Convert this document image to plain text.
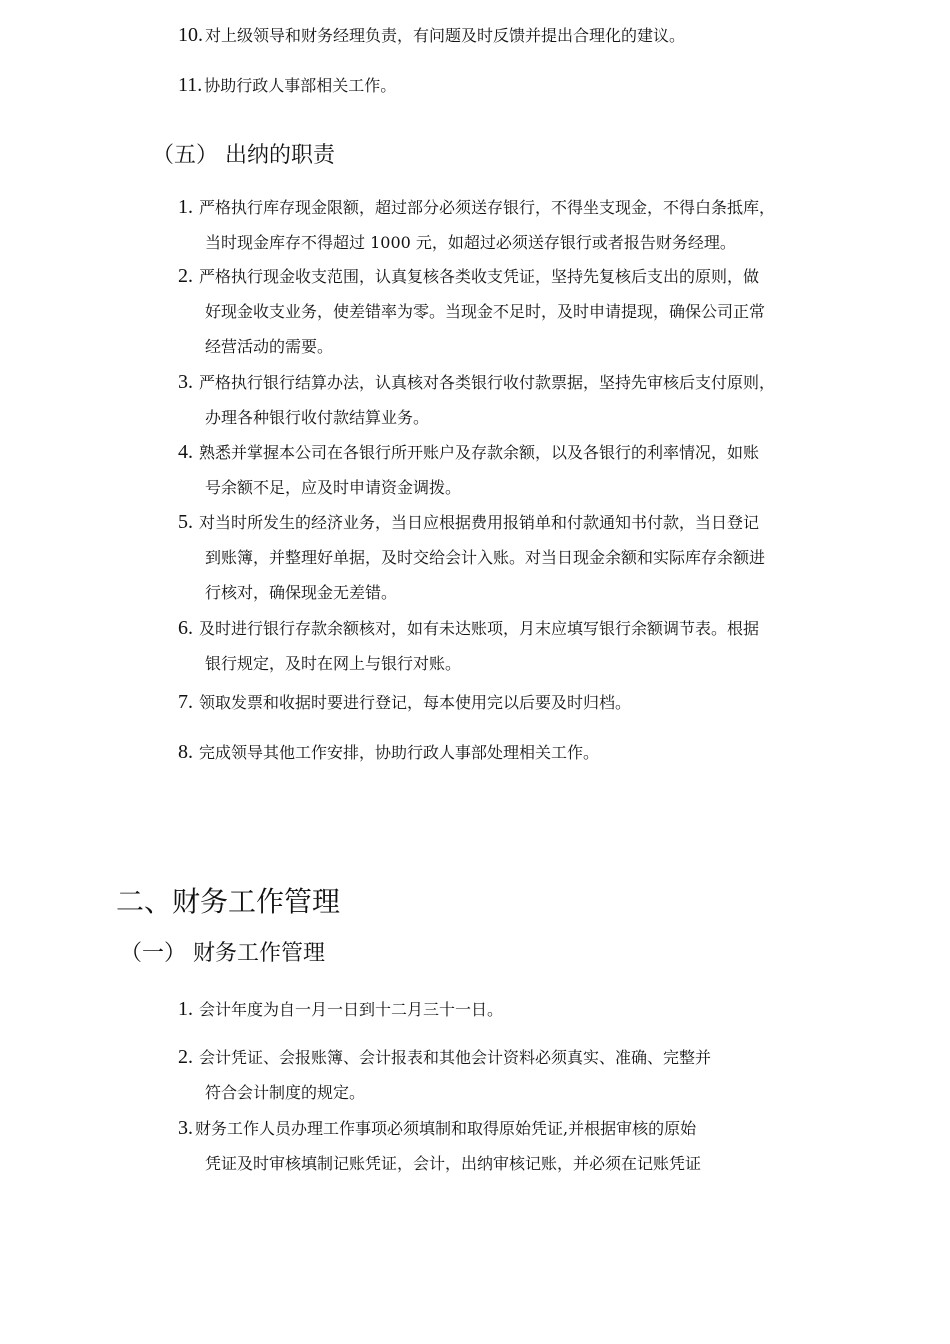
10. 对上级领导和财务经理负责，有问题及时反馈并提出合理化的建议。
11. 协助行政人事部相关工作。
（五） 出纳的职责
1. 严格执行库存现金限额，超过部分必须送存银行，不得坐支现金，不得白条抵库，
当时现金库存不得超过 1000 元，如超过必须送存银行或者报告财务经理。
2. 严格执行现金收支范围，认真复核各类收支凭证，坚持先复核后支出的原则，做
好现金收支业务，使差错率为零。当现金不足时，及时申请提现，确保公司正常
经营活动的需要。
3. 严格执行银行结算办法，认真核对各类银行收付款票据，坚持先审核后支付原则，
办理各种银行收付款结算业务。
4. 熟悉并掌握本公司在各银行所开账户及存款余额，以及各银行的利率情况，如账
号余额不足，应及时申请资金调拨。
5. 对当时所发生的经济业务，当日应根据费用报销单和付款通知书付款，当日登记
到账簿，并整理好单据，及时交给会计入账。对当日现金余额和实际库存余额进
行核对，确保现金无差错。
6. 及时进行银行存款余额核对，如有未达账项，月末应填写银行余额调节表。根据
银行规定，及时在网上与银行对账。
7. 领取发票和收据时要进行登记，每本使用完以后要及时归档。
8. 完成领导其他工作安排，协助行政人事部处理相关工作。
二、财务工作管理
（一） 财务工作管理
1. 会计年度为自一月一日到十二月三十一日。
2. 会计凭证、会报账簿、会计报表和其他会计资料必须真实、准确、完整并
符合会计制度的规定。
3. 财务工作人员办理工作事项必须填制和取得原始凭证,并根据审核的原始
凭证及时审核填制记账凭证，会计，出纳审核记账，并必须在记账凭证
